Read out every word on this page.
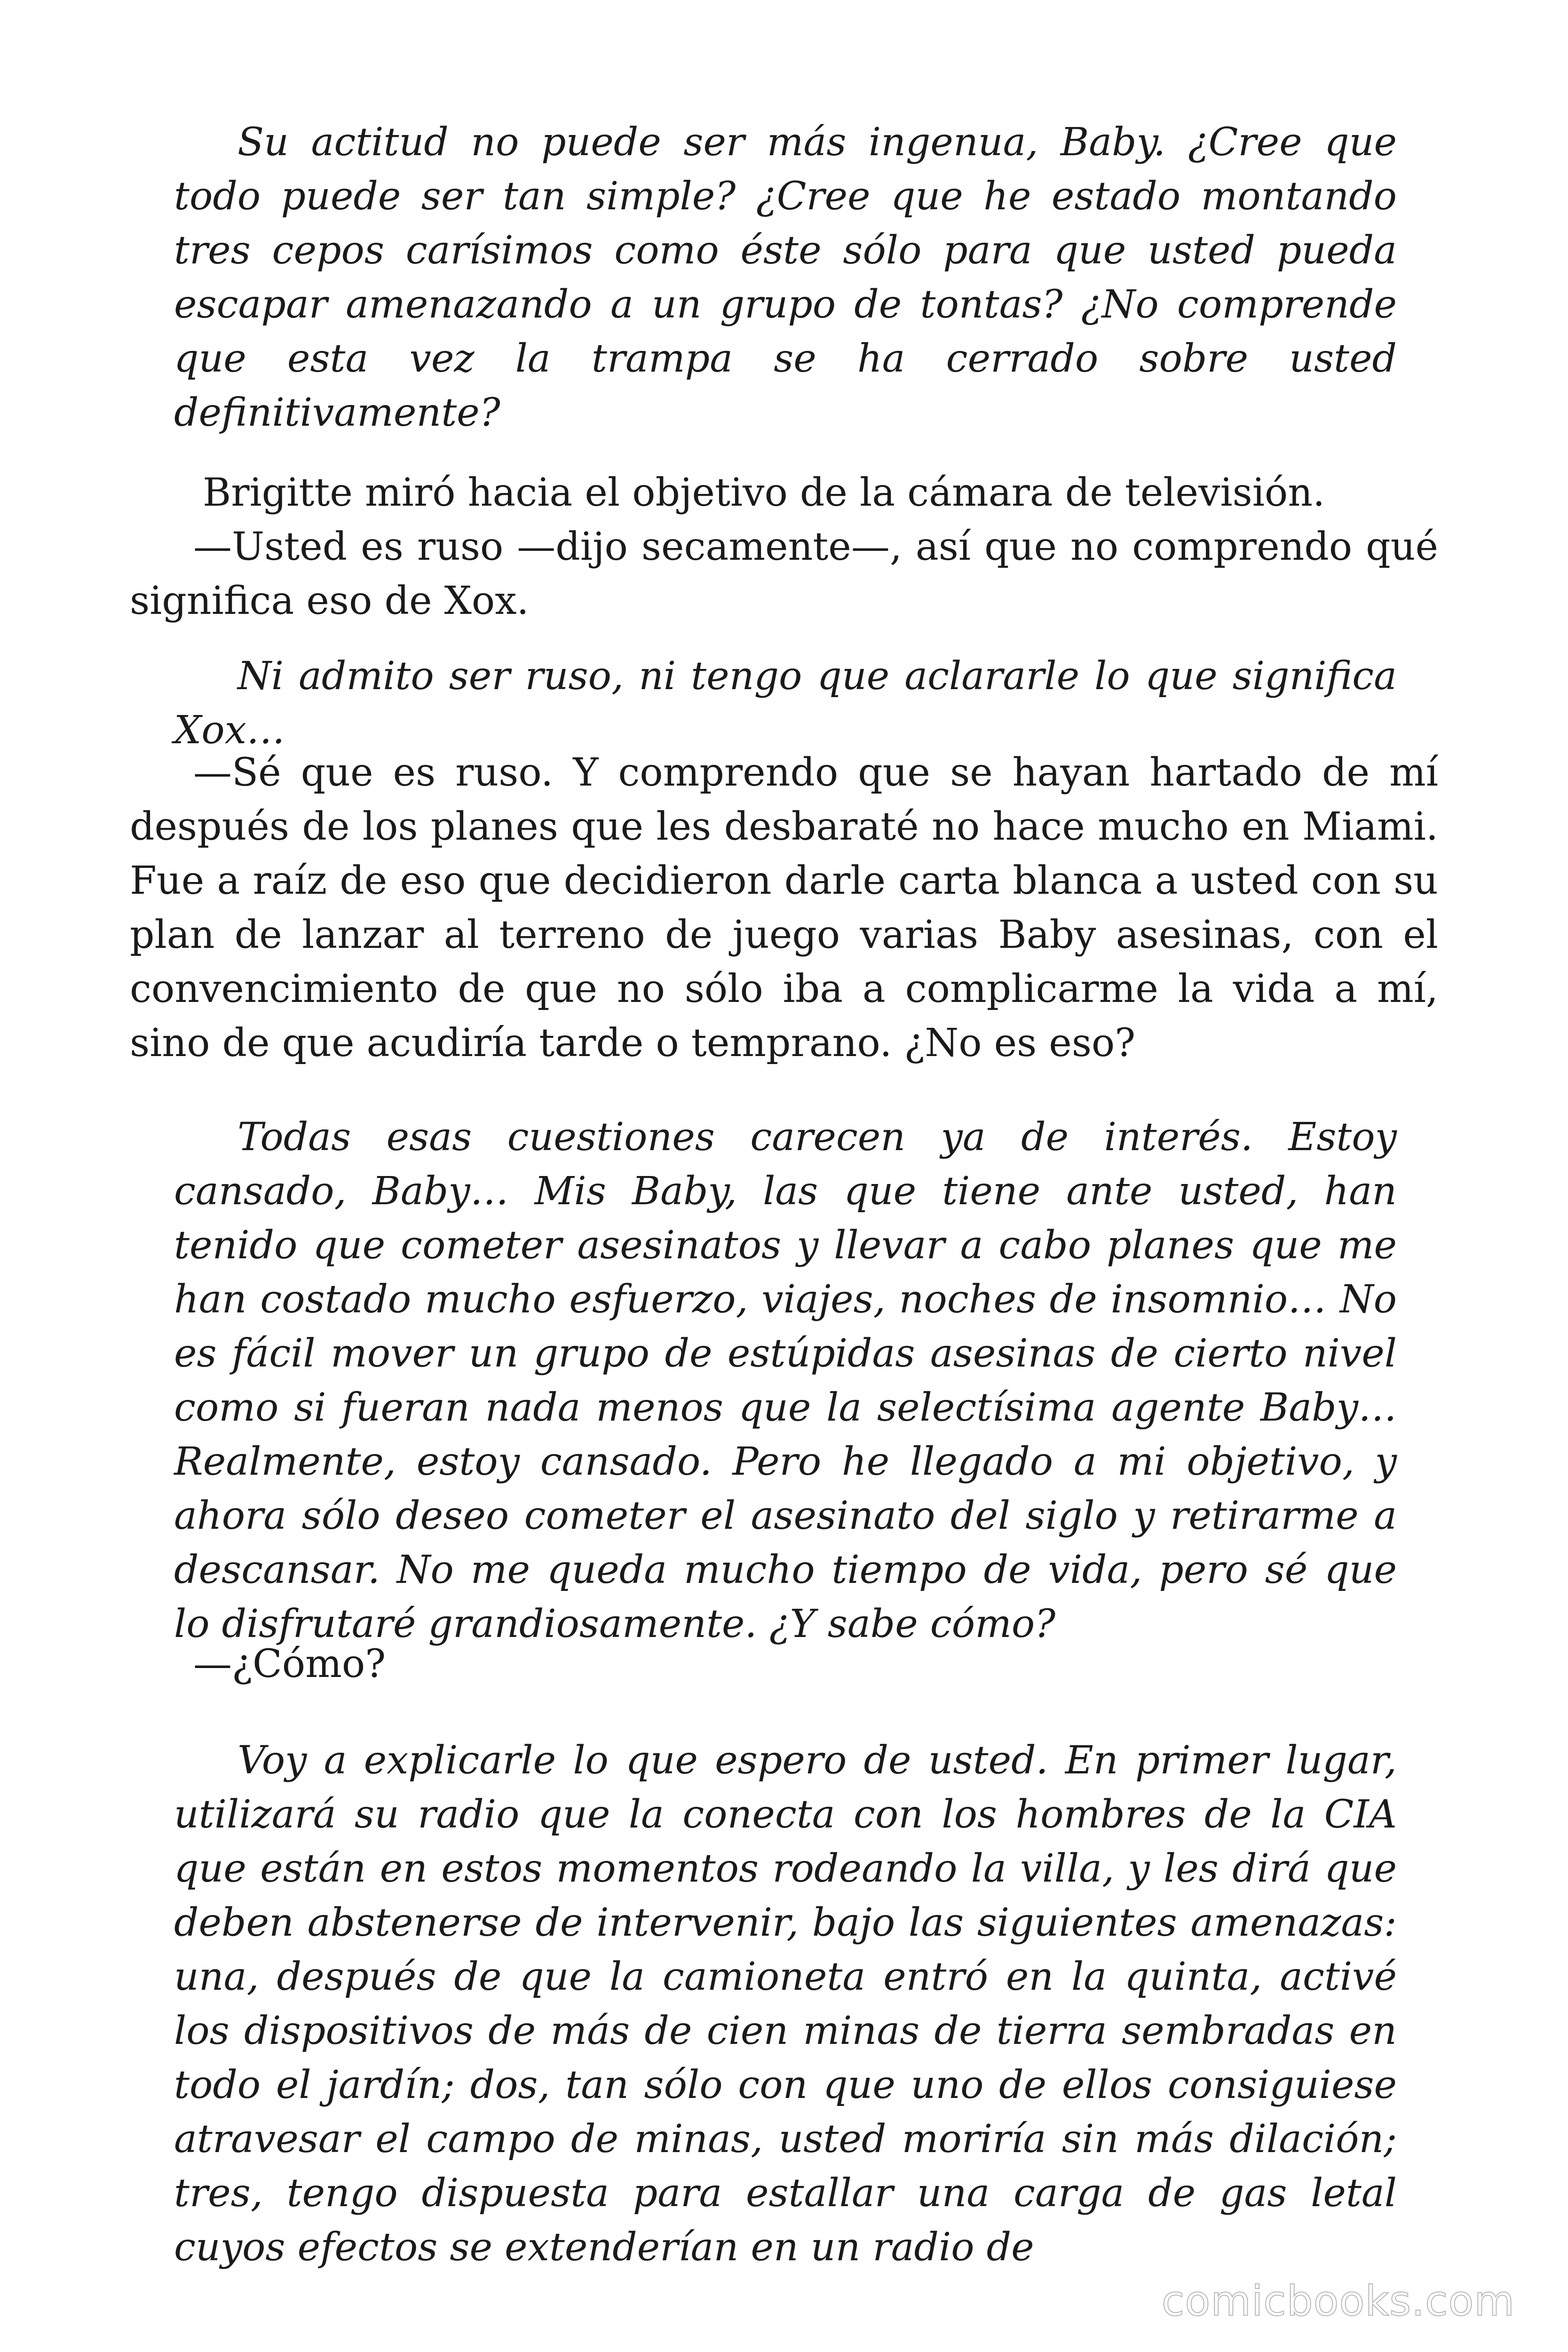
Su actitud no puede ser más ingenua, Baby. ¿Cree que todo puede ser tan simple? ¿Cree que he estado montando tres cepos carísimos como éste sólo para que usted pueda escapar amenazando a un grupo de tontas? ¿No comprende que esta vez la trampa se ha cerrado sobre usted definitivamente?

Brigitte miró hacia el objetivo de la cámara de televisión.

—Usted es ruso —dijo secamente—, así que no comprendo qué significa eso de Xox.

Ni admito ser ruso, ni tengo que aclararle lo que significa Xox…

—Sé que es ruso. Y comprendo que se hayan hartado de mí después de los planes que les desbaraté no hace mucho en Miami. Fue a raíz de eso que decidieron darle carta blanca a usted con su plan de lanzar al terreno de juego varias Baby asesinas, con el convencimiento de que no sólo iba a complicarme la vida a mí, sino de que acudiría tarde o temprano. ¿No es eso?

Todas esas cuestiones carecen ya de interés. Estoy cansado, Baby… Mis Baby, las que tiene ante usted, han tenido que cometer asesinatos y llevar a cabo planes que me han costado mucho esfuerzo, viajes, noches de insomnio… No es fácil mover un grupo de estúpidas asesinas de cierto nivel como si fueran nada menos que la selectísima agente Baby… Realmente, estoy cansado. Pero he llegado a mi objetivo, y ahora sólo deseo cometer el asesinato del siglo y retirarme a descansar. No me queda mucho tiempo de vida, pero sé que lo disfrutaré grandiosamente. ¿Y sabe cómo?

—¿Cómo?

Voy a explicarle lo que espero de usted. En primer lugar, utilizará su radio que la conecta con los hombres de la CIA que están en estos momentos rodeando la villa, y les dirá que deben abstenerse de intervenir, bajo las siguientes amenazas: una, después de que la camioneta entró en la quinta, activé los dispositivos de más de cien minas de tierra sembradas en todo el jardín; dos, tan sólo con que uno de ellos consiguiese atravesar el campo de minas, usted moriría sin más dilación; tres, tengo dispuesta para estallar una carga de gas letal cuyos efectos se extenderían en un radio de

comicbooks.com
